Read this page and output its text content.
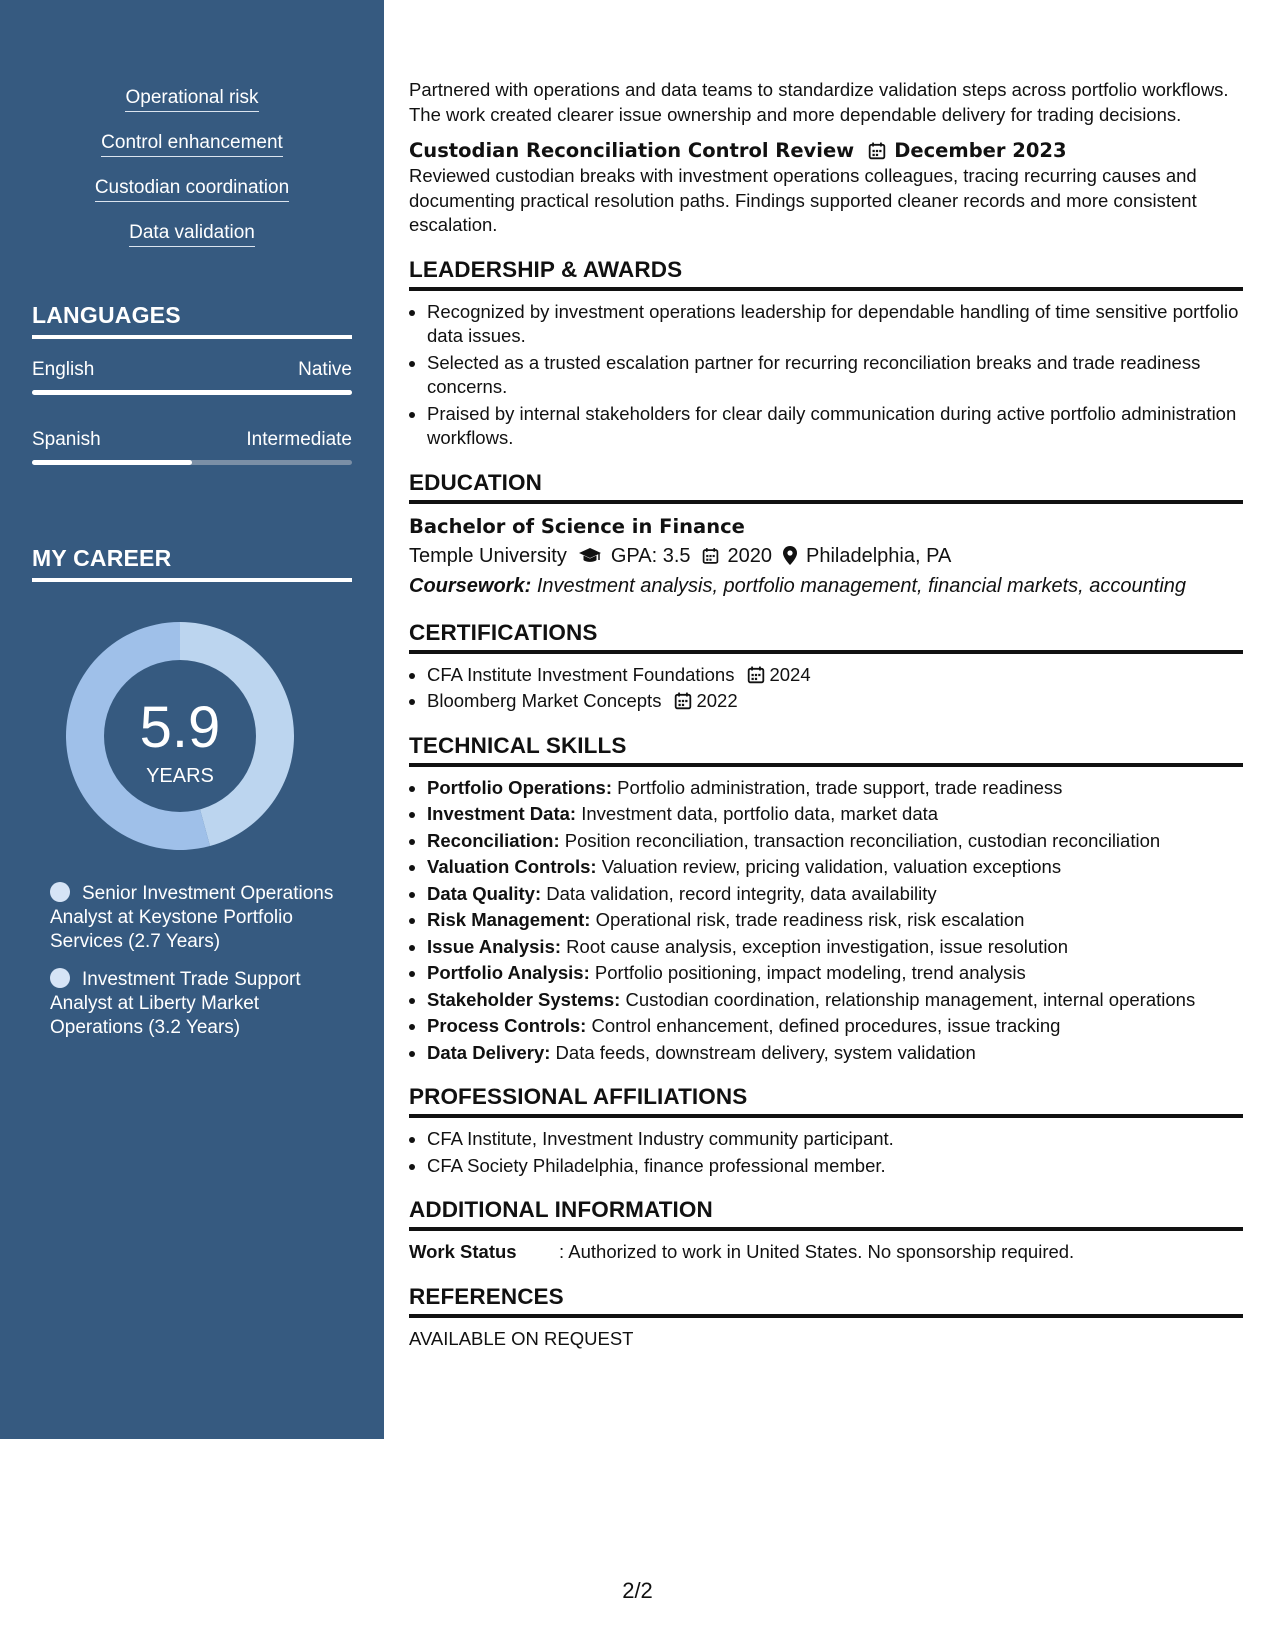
Operational risk
Control enhancement
Custodian coordination
Data validation
LANGUAGES
English	Native
Spanish	Intermediate
MY CAREER
5.9
YEARS
Senior Investment Operations Analyst at Keystone Portfolio Services (2.7 Years)
Investment Trade Support Analyst at Liberty Market Operations (3.2 Years)

Partnered with operations and data teams to standardize validation steps across portfolio workflows. The work created clearer issue ownership and more dependable delivery for trading decisions.

Custodian Reconciliation Control Review December 2023

Reviewed custodian breaks with investment operations colleagues, tracing recurring causes and documenting practical resolution paths. Findings supported cleaner records and more consistent escalation.

LEADERSHIP & AWARDS
• Recognized by investment operations leadership for dependable handling of time sensitive portfolio data issues.
• Selected as a trusted escalation partner for recurring reconciliation breaks and trade readiness concerns.
• Praised by internal stakeholders for clear daily communication during active portfolio administration workflows.
EDUCATION
Bachelor of Science in Finance
Temple University GPA: 3.5 2020 Philadelphia, PA
Coursework: Investment analysis, portfolio management, financial markets, accounting
CERTIFICATIONS
• CFA Institute Investment Foundations 2024
• Bloomberg Market Concepts 2022
TECHNICAL SKILLS
• Portfolio Operations: Portfolio administration, trade support, trade readiness
• Investment Data: Investment data, portfolio data, market data
• Reconciliation: Position reconciliation, transaction reconciliation, custodian reconciliation
• Valuation Controls: Valuation review, pricing validation, valuation exceptions
• Data Quality: Data validation, record integrity, data availability
• Risk Management: Operational risk, trade readiness risk, risk escalation
• Issue Analysis: Root cause analysis, exception investigation, issue resolution
• Portfolio Analysis: Portfolio positioning, impact modeling, trend analysis
• Stakeholder Systems: Custodian coordination, relationship management, internal operations
• Process Controls: Control enhancement, defined procedures, issue tracking
• Data Delivery: Data feeds, downstream delivery, system validation
PROFESSIONAL AFFILIATIONS
• CFA Institute, Investment Industry community participant.
• CFA Society Philadelphia, finance professional member.
ADDITIONAL INFORMATION
Work Status	: Authorized to work in United States. No sponsorship required.
REFERENCES
AVAILABLE ON REQUEST
2/2
